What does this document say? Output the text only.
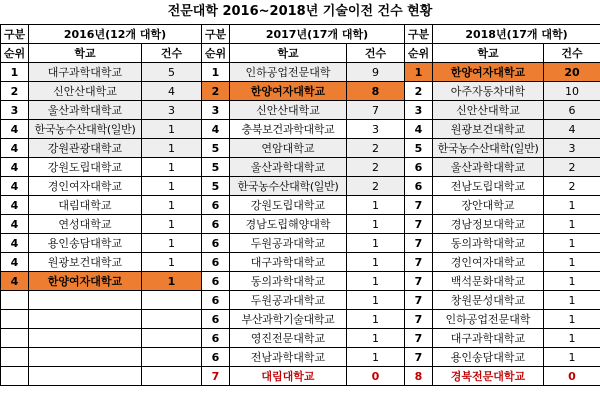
전문대학 2016~2018년 기술이전 건수 현황
구분	2016년(12개 대학)		구분	2017년(17개 대학)		구분	2018년(17개 대학)	
순위	학교	건수	순위	학교	건수	순위	학교	건수
1	대구과학대학교	5	1	인하공업전문대학	9	1	한양여자대학교	20
2	신안산대학교	4	2	한양여자대학교	8	2	아주자동차대학	10
3	울산과학대학교	3	3	신안산대학교	7	3	신안산대학교	6
4	한국농수산대학(일반)	1	4	충북보건과학대학교	3	4	원광보건대학교	4
4	강원관광대학교	1	5	연암대학교	2	5	한국농수산대학(일반)	3
4	강원도립대학교	1	5	울산과학대학교	2	6	울산과학대학교	2
4	경인여자대학교	1	5	한국농수산대학(일반)	2	6	전남도립대학교	2
4	대림대학교	1	6	강원도립대학교	1	7	장안대학교	1
4	연성대학교	1	6	경남도립해양대학	1	7	경남정보대학교	1
4	용인송담대학교	1	6	두원공과대학교	1	7	동의과학대학교	1
4	원광보건대학교	1	6	대구과학대학교	1	7	경인여자대학교	1
4	한양여자대학교	1	6	동의과학대학교	1	7	백석문화대학교	1
			6	두원공과대학교	1	7	창원문성대학교	1
			6	부산과학기술대학교	1	7	인하공업전문대학	1
			6	영진전문대학교	1	7	대구과학대학교	1
			6	전남과학대학교	1	7	용인송담대학교	1
			7	대림대학교	0	8	경북전문대학교	0
